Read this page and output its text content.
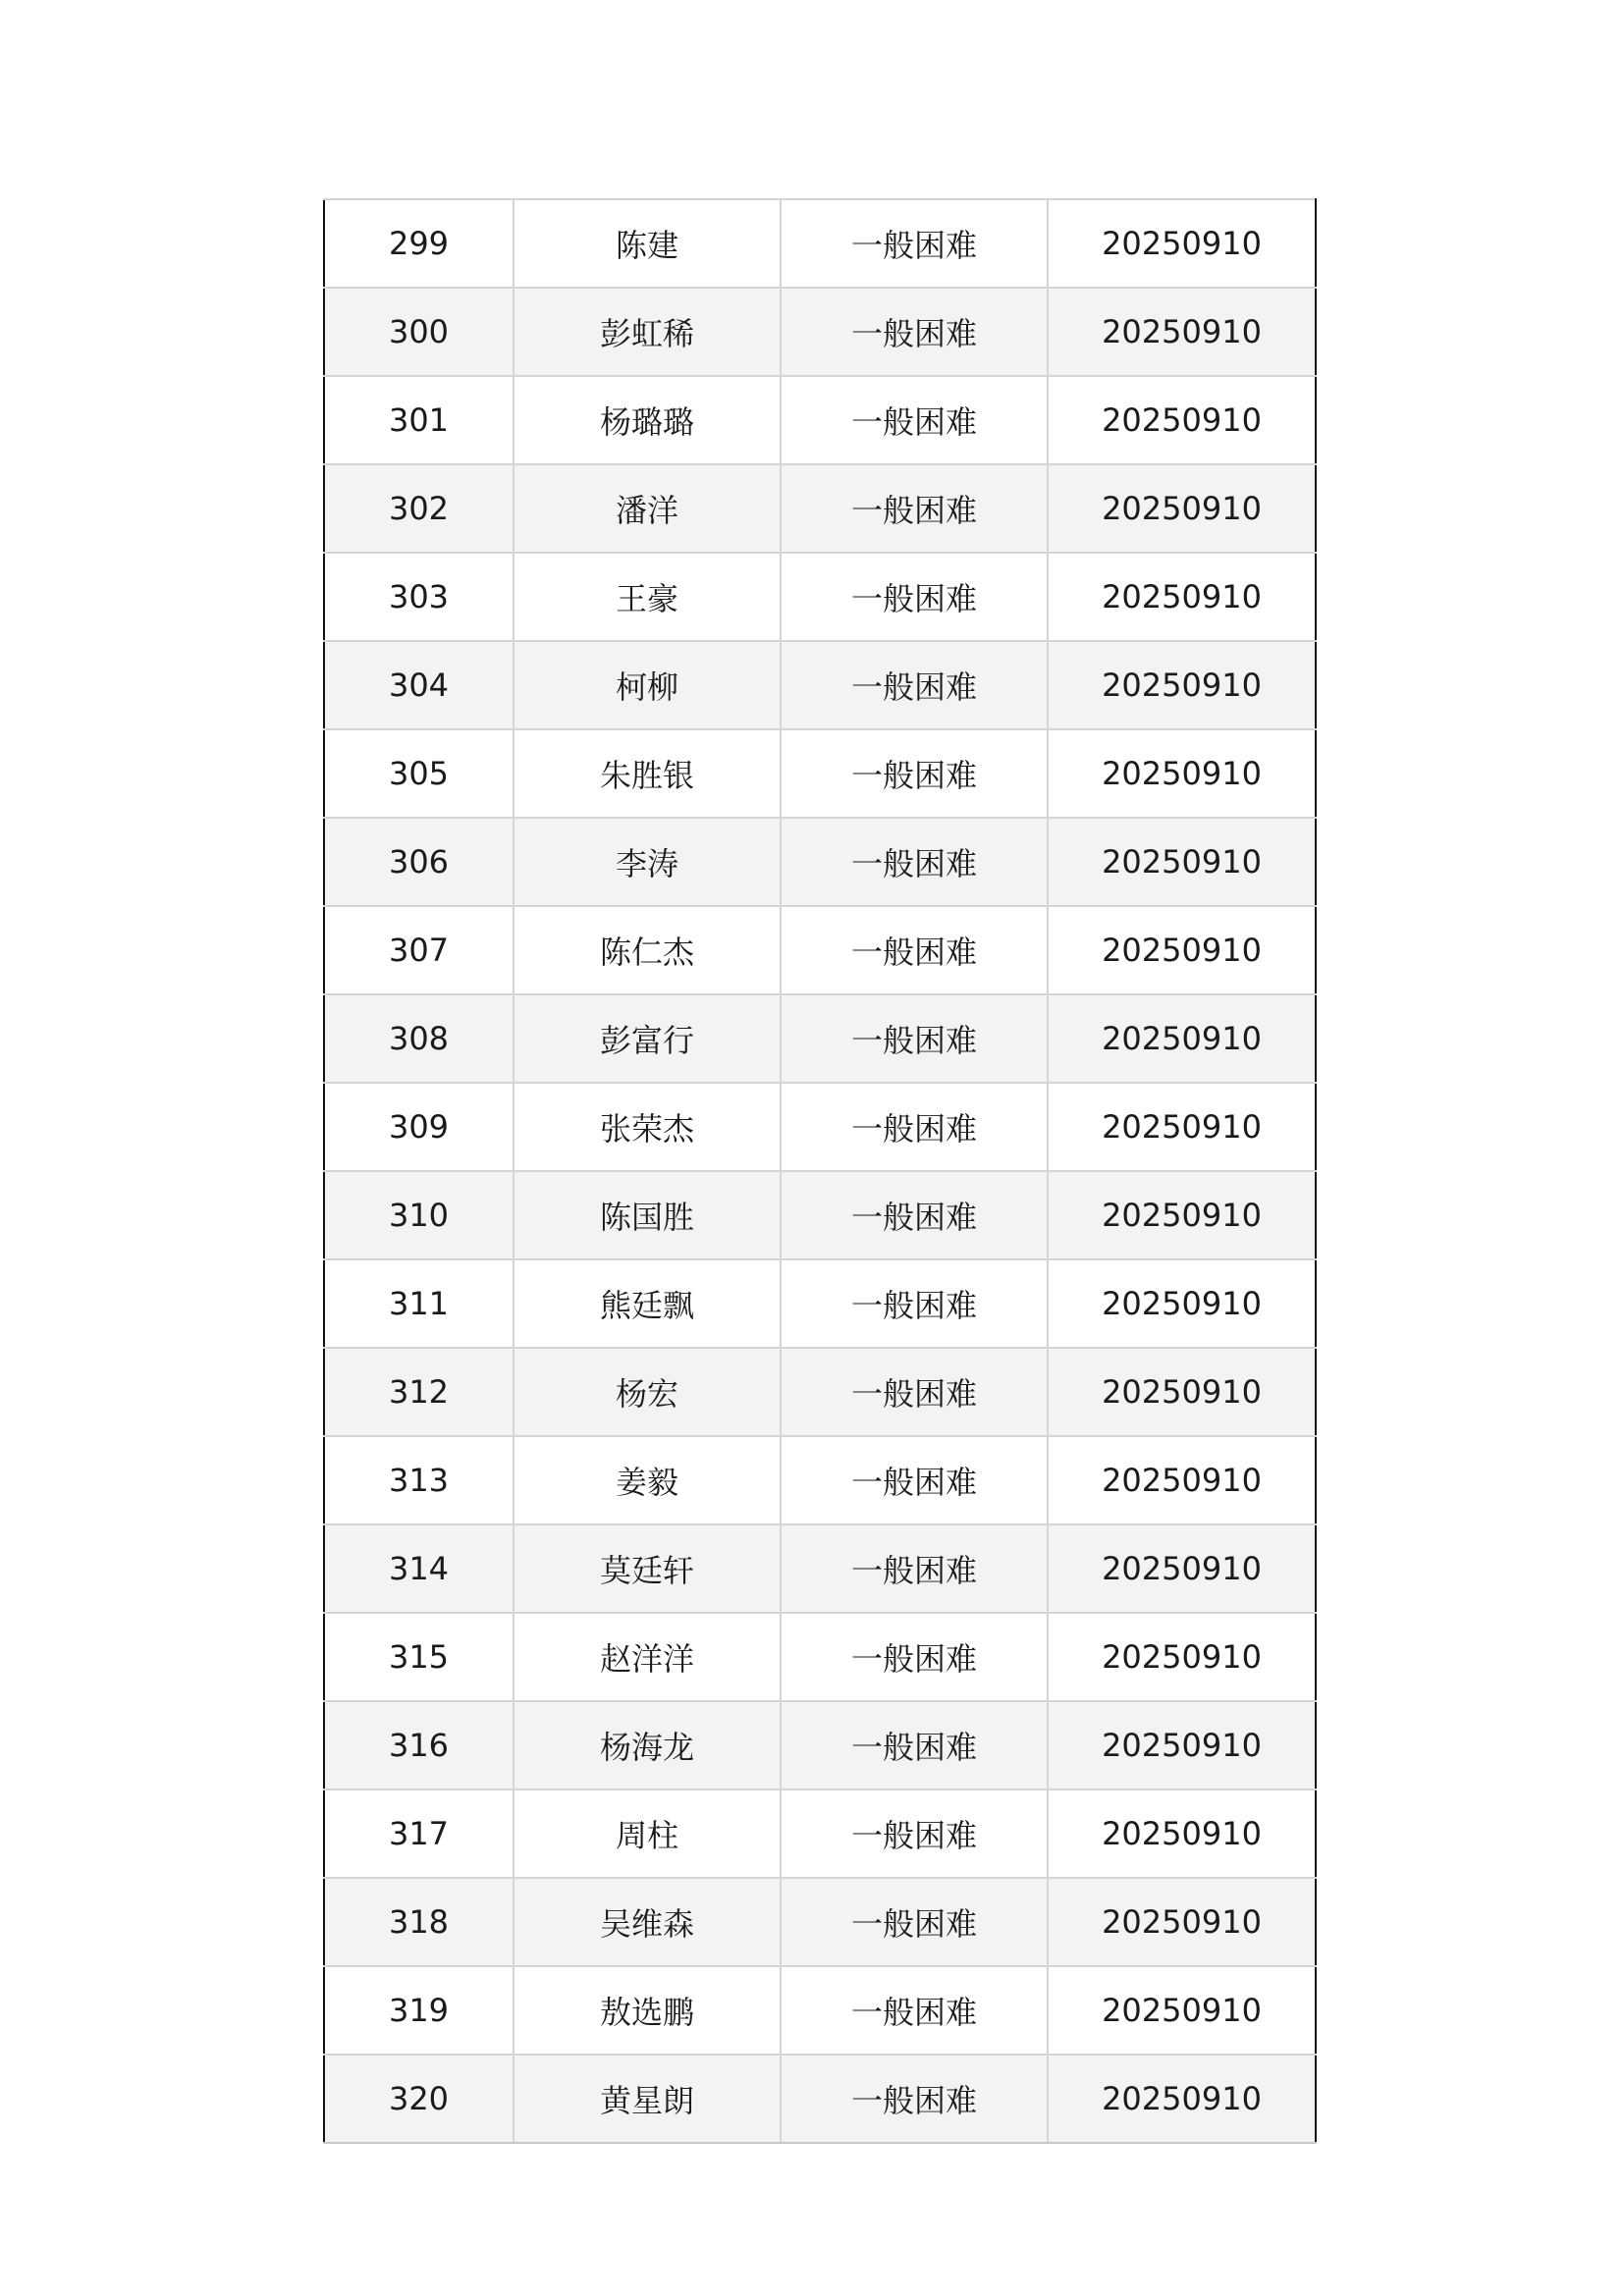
299	陈建	一般困难	20250910
300	彭虹稀	一般困难	20250910
301	杨璐璐	一般困难	20250910
302	潘洋	一般困难	20250910
303	王豪	一般困难	20250910
304	柯柳	一般困难	20250910
305	朱胜银	一般困难	20250910
306	李涛	一般困难	20250910
307	陈仁杰	一般困难	20250910
308	彭富行	一般困难	20250910
309	张荣杰	一般困难	20250910
310	陈国胜	一般困难	20250910
311	熊廷飘	一般困难	20250910
312	杨宏	一般困难	20250910
313	姜毅	一般困难	20250910
314	莫廷轩	一般困难	20250910
315	赵洋洋	一般困难	20250910
316	杨海龙	一般困难	20250910
317	周柱	一般困难	20250910
318	吴维森	一般困难	20250910
319	敖选鹏	一般困难	20250910
320	黄星朗	一般困难	20250910
